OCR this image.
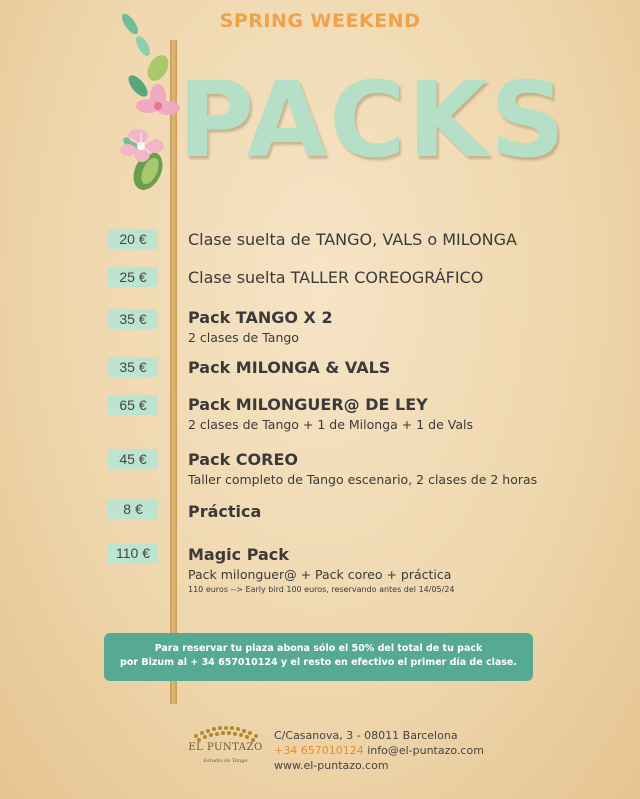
SPRING WEEKEND
PACKS
20 €	Clase suelta de TANGO, VALS o MILONGA
25 €	Clase suelta TALLER COREOGRÁFICO
35 €	Pack TANGO X 2
2 clases de Tango
35 €	Pack MILONGA & VALS
65 €	Pack MILONGUER@ DE LEY
2 clases de Tango + 1 de Milonga + 1 de Vals
45 €	Pack COREO
Taller completo de Tango escenario, 2 clases de 2 horas
8 €	Práctica
110 €	Magic Pack
Pack milonguer@ + Pack coreo + práctica
110 euros --> Early bird 100 euros, reservando antes del 14/05/24
Para reservar tu plaza abona sólo el 50% del total de tu pack
por Bizum al + 34 657010124 y el resto en efectivo el primer día de clase.
EL PUNTAZO
Estudio de Tango
C/Casanova, 3 - 08011 Barcelona
+34 657010124 info@el-puntazo.com
www.el-puntazo.com
